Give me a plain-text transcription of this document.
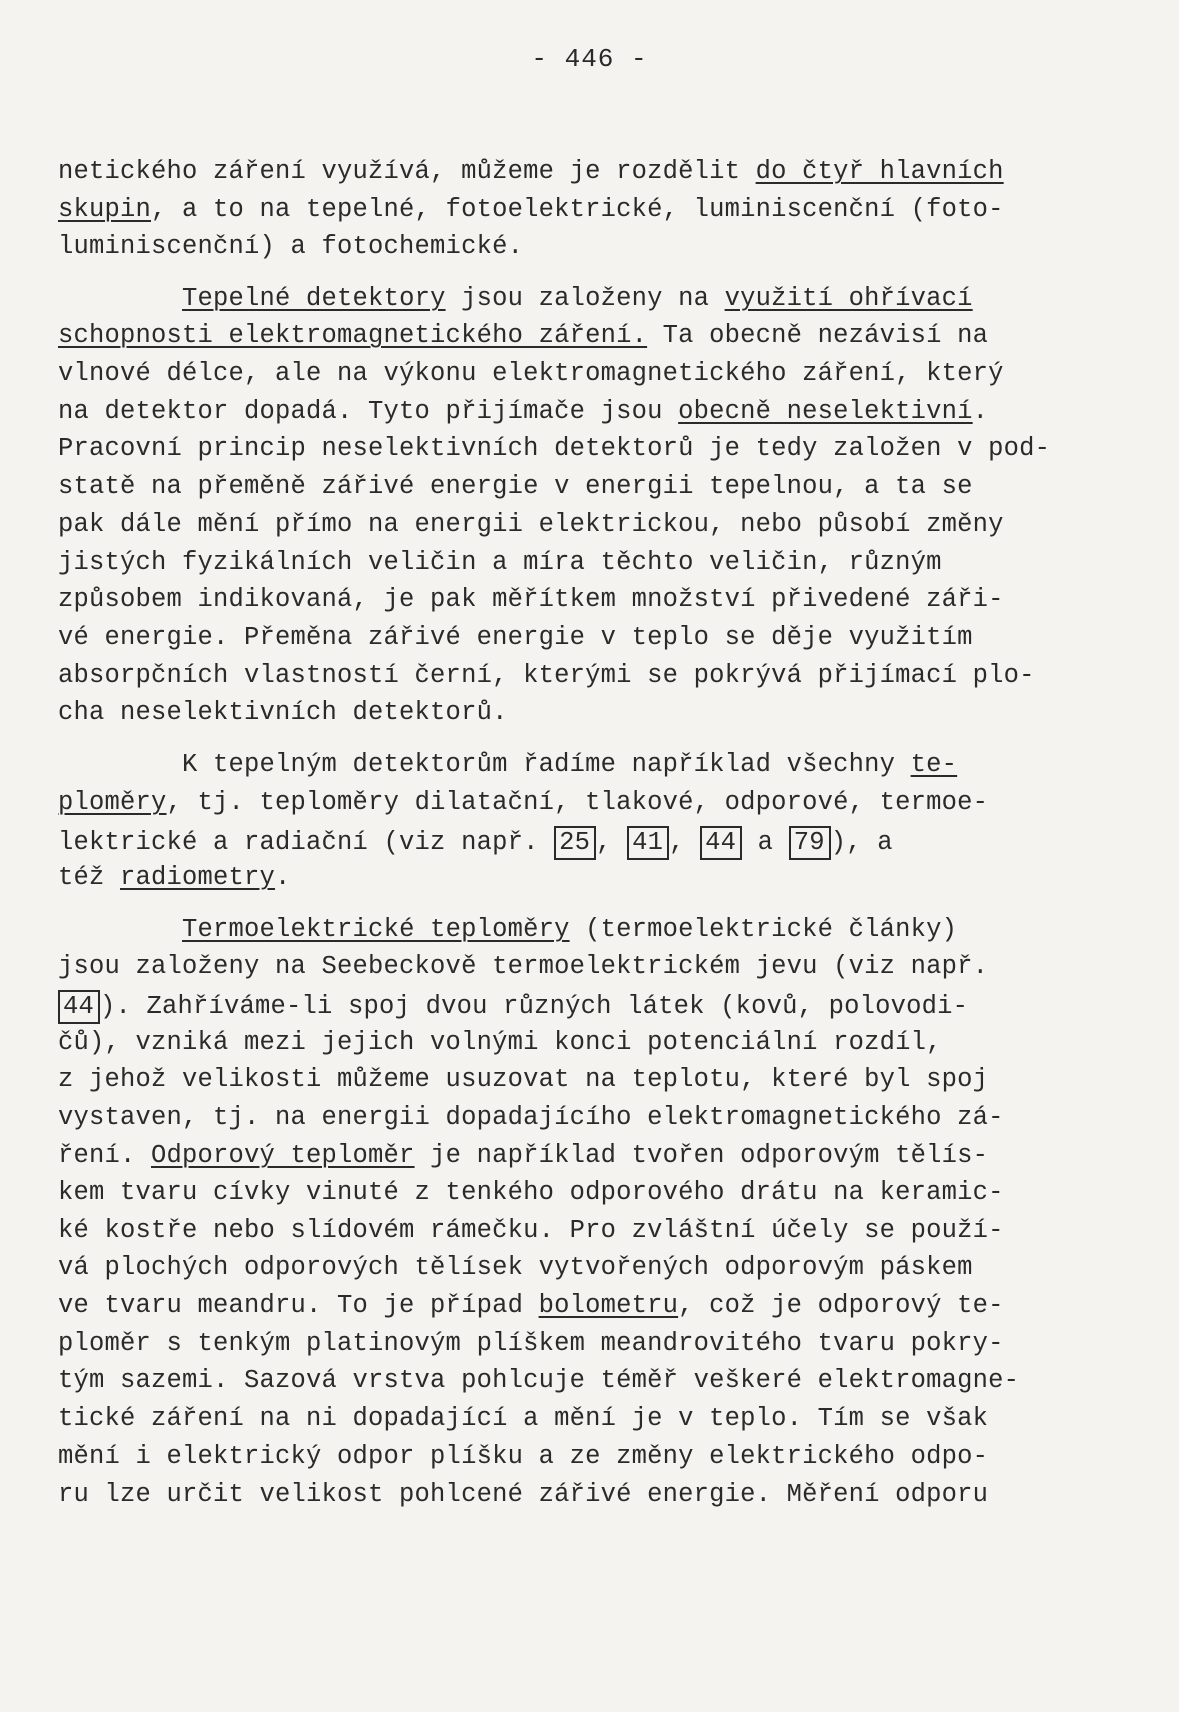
- 446 -
netického záření využívá, můžeme je rozdělit do čtyř hlavních
skupin, a to na tepelné, fotoelektrické, luminiscenční (foto-
luminiscenční) a fotochemické.
Tepelné detektory jsou založeny na využití ohřívací
schopnosti elektromagnetického záření. Ta obecně nezávisí na
vlnové délce, ale na výkonu elektromagnetického záření, který
na detektor dopadá. Tyto přijímače jsou obecně neselektivní.
Pracovní princip neselektivních detektorů je tedy založen v pod-
statě na přeměně zářivé energie v energii tepelnou, a ta se
pak dále mění přímo na energii elektrickou, nebo působí změny
jistých fyzikálních veličin a míra těchto veličin, různým
způsobem indikovaná, je pak měřítkem množství přivedené záři-
vé energie. Přeměna zářivé energie v teplo se děje využitím
absorpčních vlastností černí, kterými se pokrývá přijímací plo-
cha neselektivních detektorů.
K tepelným detektorům řadíme například všechny te-
ploměry, tj. teploměry dilatační, tlakové, odporové, termoe-
lektrické a radiační (viz např. 25 , 41 , 44 a 79 ), a
též radiometry.
Termoelektrické teploměry (termoelektrické články)
jsou založeny na Seebeckově termoelektrickém jevu (viz např.
44 ). Zahříváme-li spoj dvou různých látek (kovů, polovodi-
čů), vzniká mezi jejich volnými konci potenciální rozdíl,
z jehož velikosti můžeme usuzovat na teplotu, které byl spoj
vystaven, tj. na energii dopadajícího elektromagnetického zá-
ření. Odporový teploměr je například tvořen odporovým tělís-
kem tvaru cívky vinuté z tenkého odporového drátu na keramic-
ké kostře nebo slídovém rámečku. Pro zvláštní účely se použí-
vá plochých odporových tělísek vytvořených odporovým páskem
ve tvaru meandru. To je případ bolometru, což je odporový te-
ploměr s tenkým platinovým plíškem meandrovitého tvaru pokry-
tým sazemi. Sazová vrstva pohlcuje téměř veškeré elektromagne-
tické záření na ni dopadající a mění je v teplo. Tím se však
mění i elektrický odpor plíšku a ze změny elektrického odpo-
ru lze určit velikost pohlcené zářivé energie. Měření odporu
